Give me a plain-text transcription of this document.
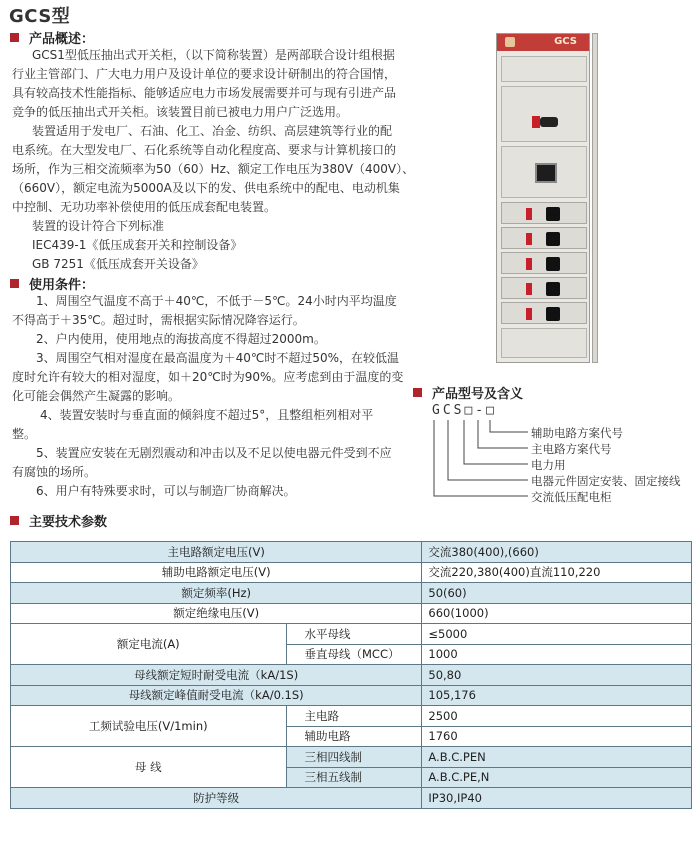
GCS型
产品概述：

GCS1型低压抽出式开关柜，（以下简称装置）是两部联合设计组根据

行业主管部门、广大电力用户及设计单位的要求设计研制出的符合国情，

具有较高技术性能指标、能够适应电力市场发展需要并可与现有引进产品

竞争的低压抽出式开关柜。该装置目前已被电力用户广泛选用。

装置适用于发电厂、石油、化工、冶金、纺织、高层建筑等行业的配

电系统。在大型发电厂、石化系统等自动化程度高、要求与计算机接口的

场所，作为三相交流频率为50（60）Hz、额定工作电压为380V（400V）、

（660V），额定电流为5000A及以下的发、供电系统中的配电、电动机集

中控制、无功功率补偿使用的低压成套配电装置。

装置的设计符合下列标准

IEC439-1《低压成套开关和控制设备》

GB 7251《低压成套开关设备》

使用条件：

1、周围空气温度不高于＋40℃，不低于－5℃。24小时内平均温度

不得高于＋35℃。超过时，需根据实际情况降容运行。

2、户内使用，使用地点的海拔高度不得超过2000m。

3、周围空气相对湿度在最高温度为＋40℃时不超过50%，在较低温

度时允许有较大的相对湿度，如＋20℃时为90%。应考虑到由于温度的变

化可能会偶然产生凝露的影响。

4、装置安装时与垂直面的倾斜度不超过5°，且整组柜列相对平

整。

5、装置应安装在无剧烈震动和冲击以及不足以使电器元件受到不应

有腐蚀的场所。

6、用户有特殊要求时，可以与制造厂协商解决。

GCS
产品型号及含义
GCS□-□
辅助电路方案代号
主电路方案代号
电力用
电器元件固定安装、固定接线
交流低压配电柜
主要技术参数
主电路额定电压(V)		交流380(400),(660)
辅助电路额定电压(V)		交流220,380(400)直流110,220
额定频率(Hz)		50(60)
额定绝缘电压(V)		660(1000)
额定电流(A)	水平母线	≤5000
	垂直母线（MCC）	1000
母线额定短时耐受电流（kA/1S)		50,80
母线额定峰值耐受电流（kA/0.1S)		105,176
工频试验电压(V/1min)	主电路	2500
	辅助电路	1760
母 线	三相四线制	A.B.C.PEN
	三相五线制	A.B.C.PE,N
防护等级		IP30,IP40
